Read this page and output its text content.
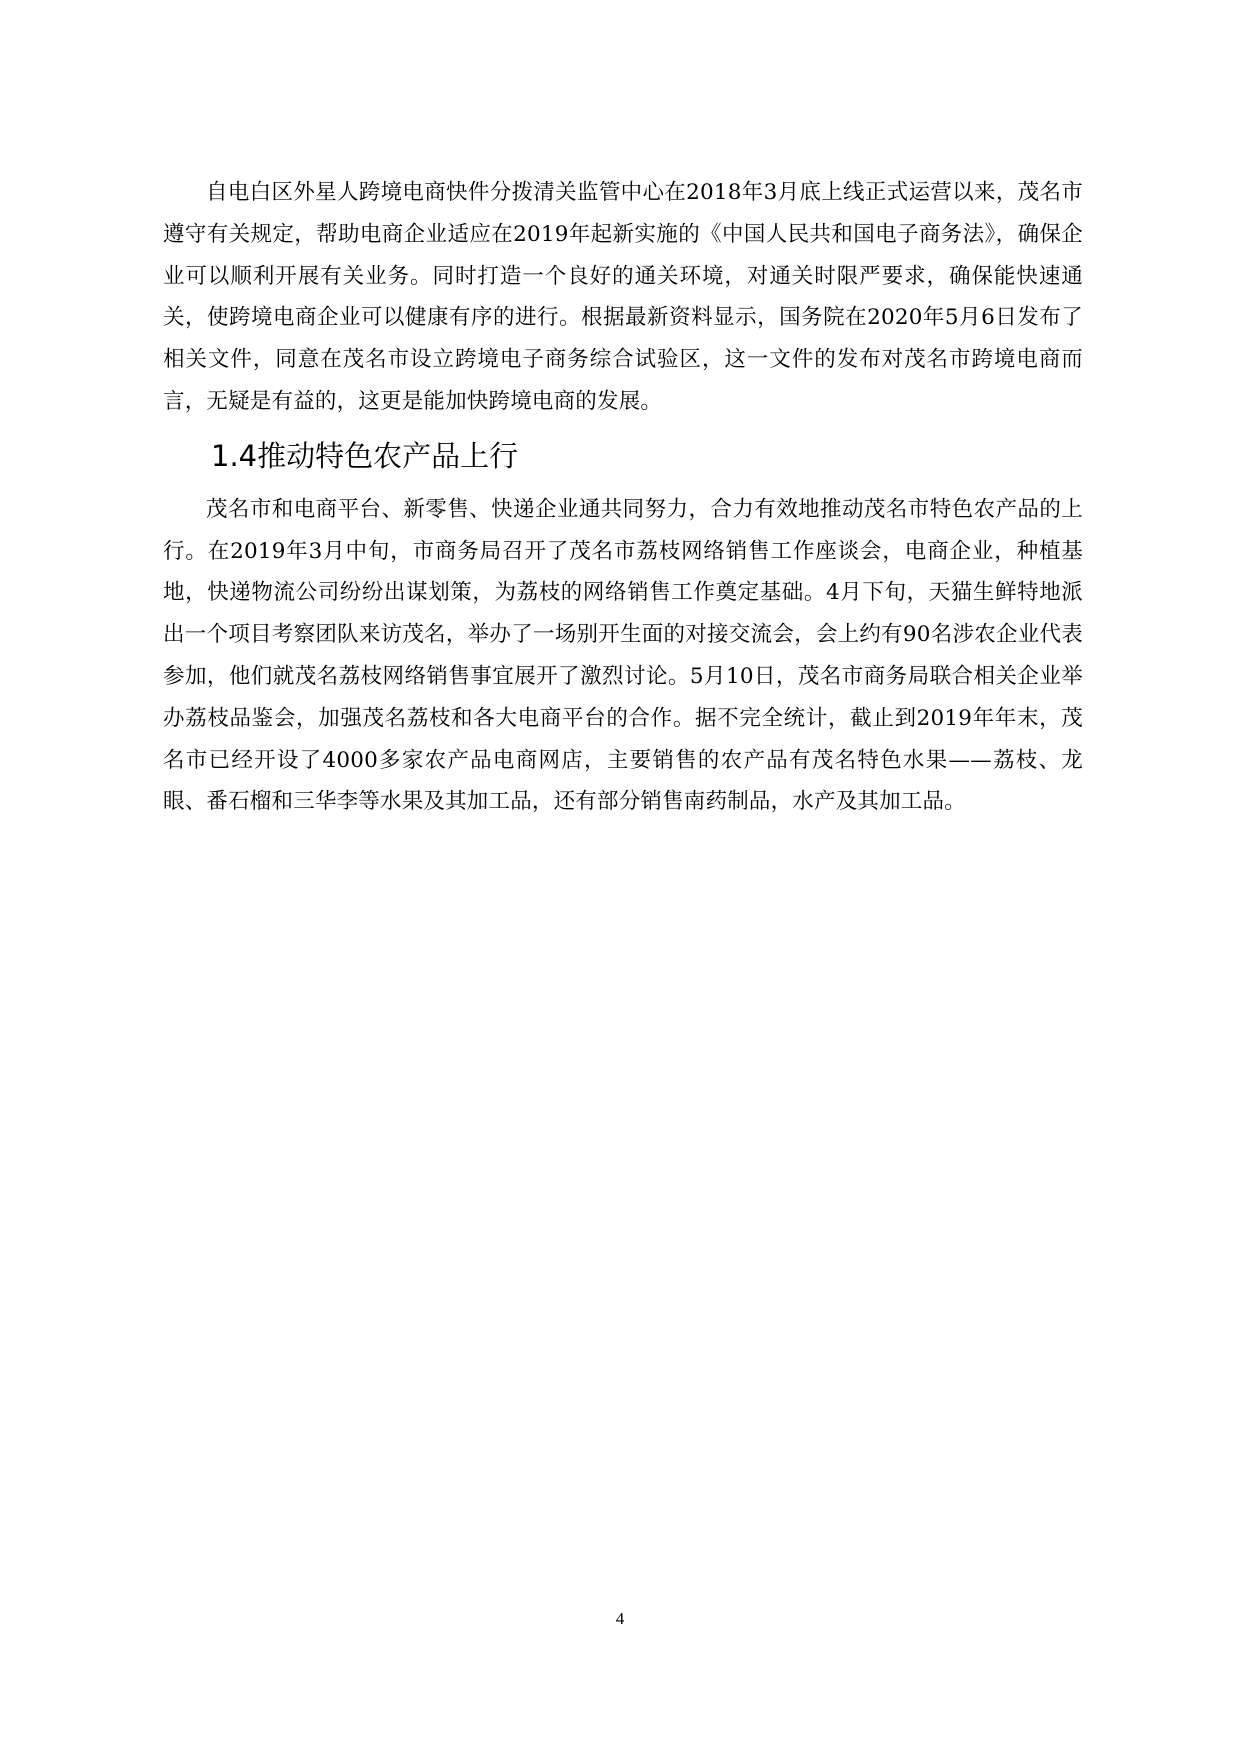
自电白区外星人跨境电商快件分拨清关监管中心在2018年3月底上线正式运营以来，茂名市遵守有关规定，帮助电商企业适应在2019年起新实施的《中国人民共和国电子商务法》，确保企业可以顺利开展有关业务。同时打造一个良好的通关环境，对通关时限严要求，确保能快速通关，使跨境电商企业可以健康有序的进行。根据最新资料显示，国务院在2020年5月6日发布了相关文件，同意在茂名市设立跨境电子商务综合试验区，这一文件的发布对茂名市跨境电商而言，无疑是有益的，这更是能加快跨境电商的发展。

1.4推动特色农产品上行

茂名市和电商平台、新零售、快递企业通共同努力，合力有效地推动茂名市特色农产品的上行。在2019年3月中旬，市商务局召开了茂名市荔枝网络销售工作座谈会，电商企业，种植基地，快递物流公司纷纷出谋划策，为荔枝的网络销售工作奠定基础。4月下旬，天猫生鲜特地派出一个项目考察团队来访茂名，举办了一场别开生面的对接交流会，会上约有90名涉农企业代表参加，他们就茂名荔枝网络销售事宜展开了激烈讨论。5月10日，茂名市商务局联合相关企业举办荔枝品鉴会，加强茂名荔枝和各大电商平台的合作。据不完全统计，截止到2019年年末，茂名市已经开设了4000多家农产品电商网店，主要销售的农产品有茂名特色水果——荔枝、龙眼、番石榴和三华李等水果及其加工品，还有部分销售南药制品，水产及其加工品。

4
